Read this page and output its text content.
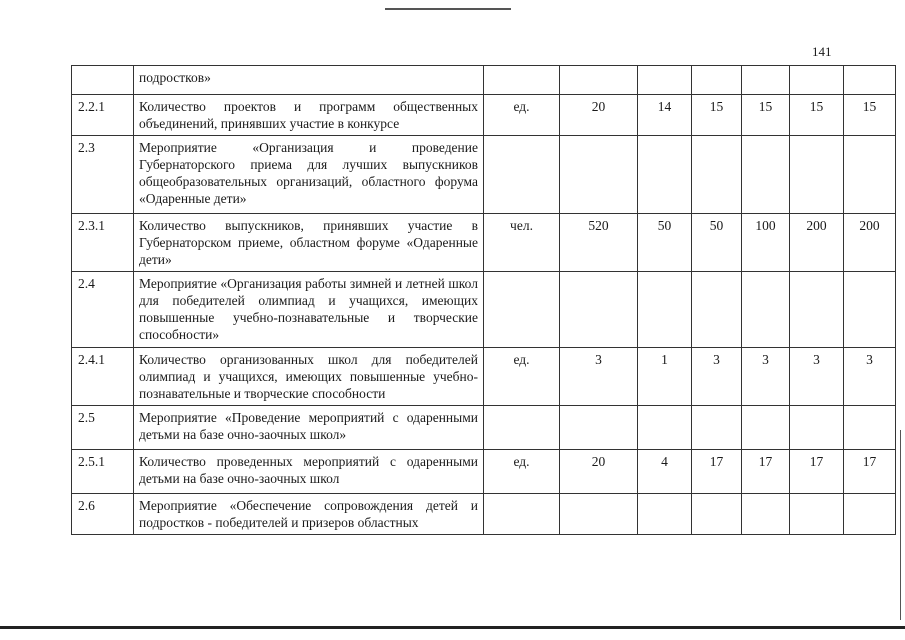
141
	подростков»							
2.2.1	Количество проектов и программ общественных объединений, принявших участие в конкурсе	ед.	20	14	15	15	15	15
2.3	Мероприятие «Организация и проведение Губернаторского приема для лучших выпускников общеобразовательных организаций, областного форума «Одаренные дети»							
2.3.1	Количество выпускников, принявших участие в Губернаторском приеме, областном форуме «Одаренные дети»	чел.	520	50	50	100	200	200
2.4	Мероприятие «Организация работы зимней и летней школ для победителей олимпиад и учащихся, имеющих повышенные учебно-познавательные и творческие способности»							
2.4.1	Количество организованных школ для победителей олимпиад и учащихся, имеющих повышенные учебно-познавательные и творческие способности	ед.	3	1	3	3	3	3
2.5	Мероприятие «Проведение мероприятий с одаренными детьми на базе очно-заочных школ»							
2.5.1	Количество проведенных мероприятий с одаренными детьми на базе очно-заочных школ	ед.	20	4	17	17	17	17
2.6	Мероприятие «Обеспечение сопровождения детей и подростков - победителей и призеров областных							
